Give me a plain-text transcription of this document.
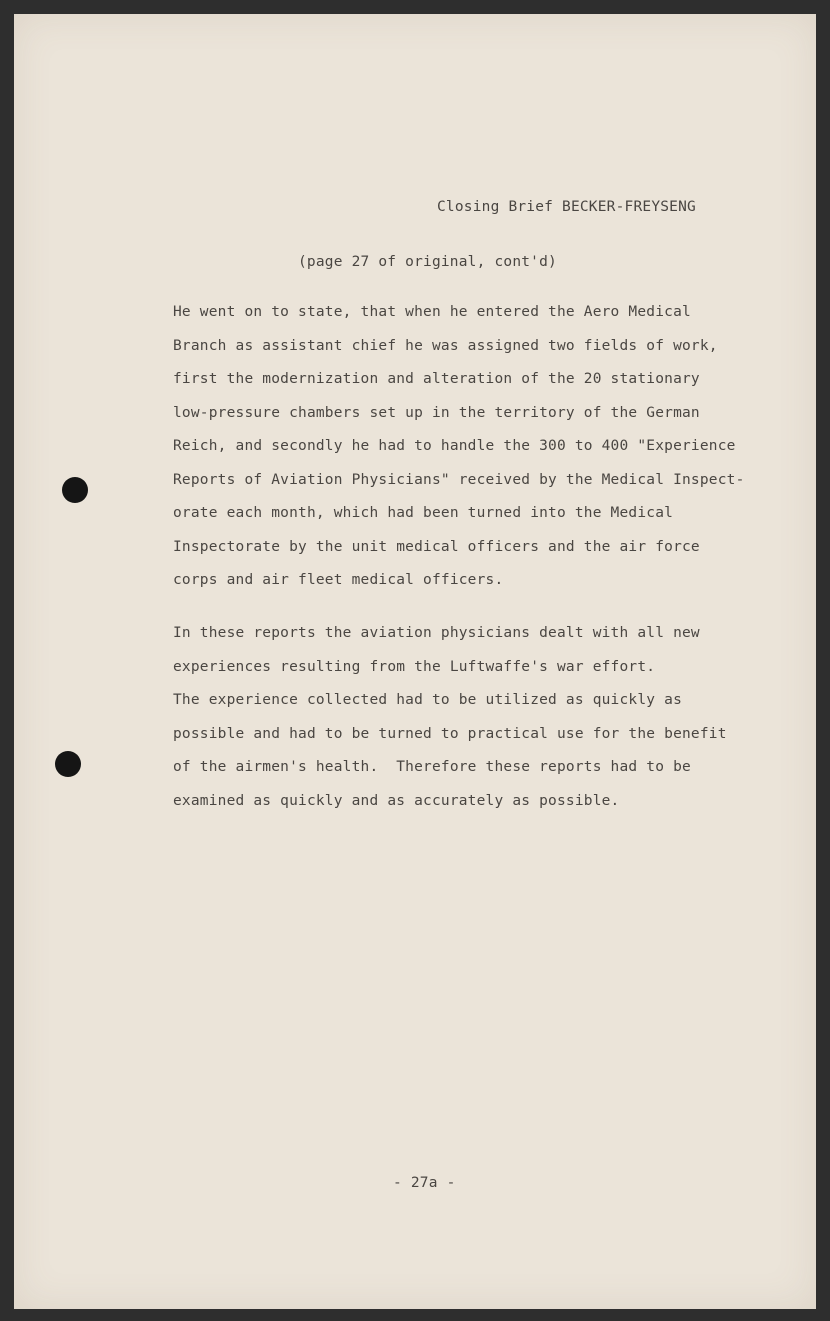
Closing Brief BECKER-FREYSENG
(page 27 of original, cont'd)
He went on to state, that when he entered the Aero Medical
Branch as assistant chief he was assigned two fields of work,
first the modernization and alteration of the 20 stationary
low-pressure chambers set up in the territory of the German
Reich, and secondly he had to handle the 300 to 400 "Experience
Reports of Aviation Physicians" received by the Medical Inspect-
orate each month, which had been turned into the Medical
Inspectorate by the unit medical officers and the air force
corps and air fleet medical officers.
In these reports the aviation physicians dealt with all new
experiences resulting from the Luftwaffe's war effort.
The experience collected had to be utilized as quickly as
possible and had to be turned to practical use for the benefit
of the airmen's health.  Therefore these reports had to be
examined as quickly and as accurately as possible.
- 27a -
